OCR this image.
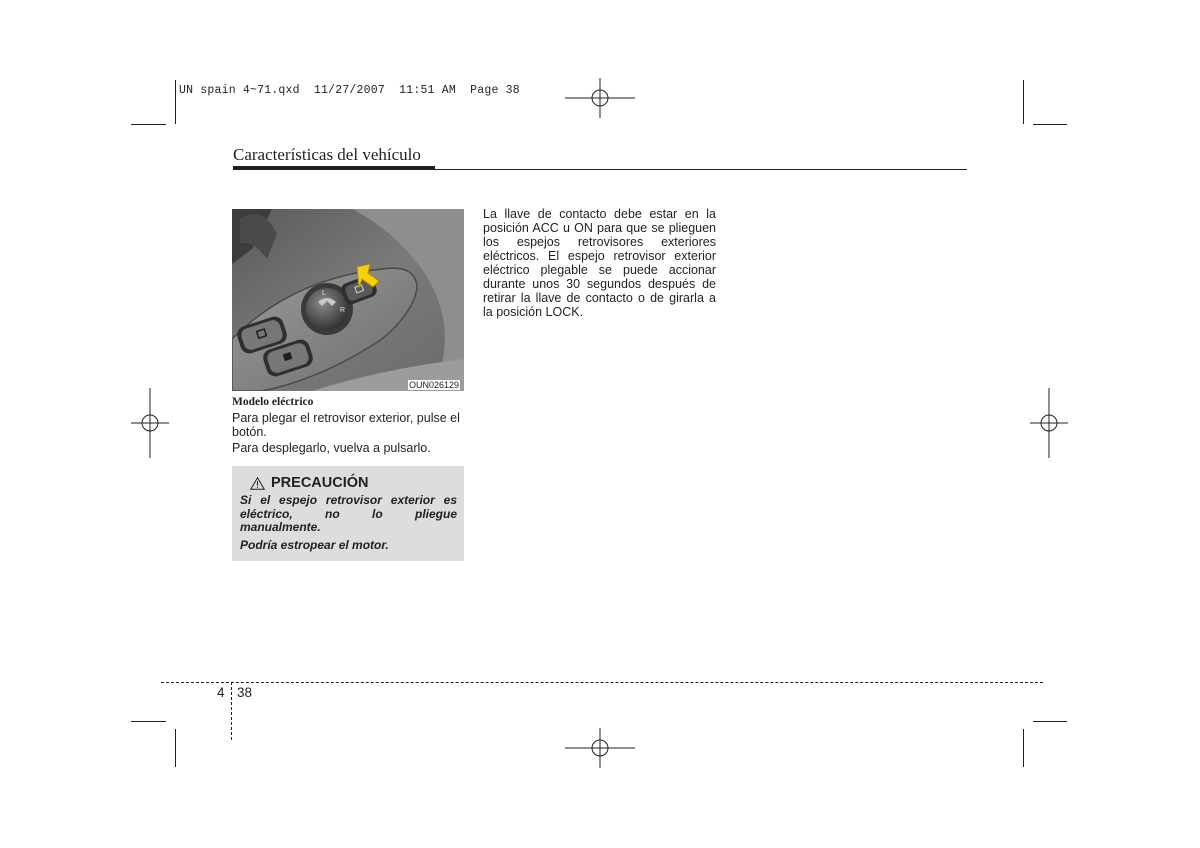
UN spain 4~71.qxd  11/27/2007  11:51 AM  Page 38
Características del vehículo
L
R
OUN026129
Modelo eléctrico
Para plegar el retrovisor exterior, pulse el botón.
Para desplegarlo, vuelva a pulsarlo.
PRECAUCIÓN
Si el espejo retrovisor exterior es
eléctrico, no lo pliegue
manualmente.
Podría estropear el motor.
La llave de contacto debe estar en la
posición ACC u ON para que se plieguen
los espejos retrovisores exteriores
eléctricos. El espejo retrovisor exterior
eléctrico plegable se puede accionar
durante unos 30 segundos después de
retirar la llave de contacto o de girarla a
la posición LOCK.
4 38
